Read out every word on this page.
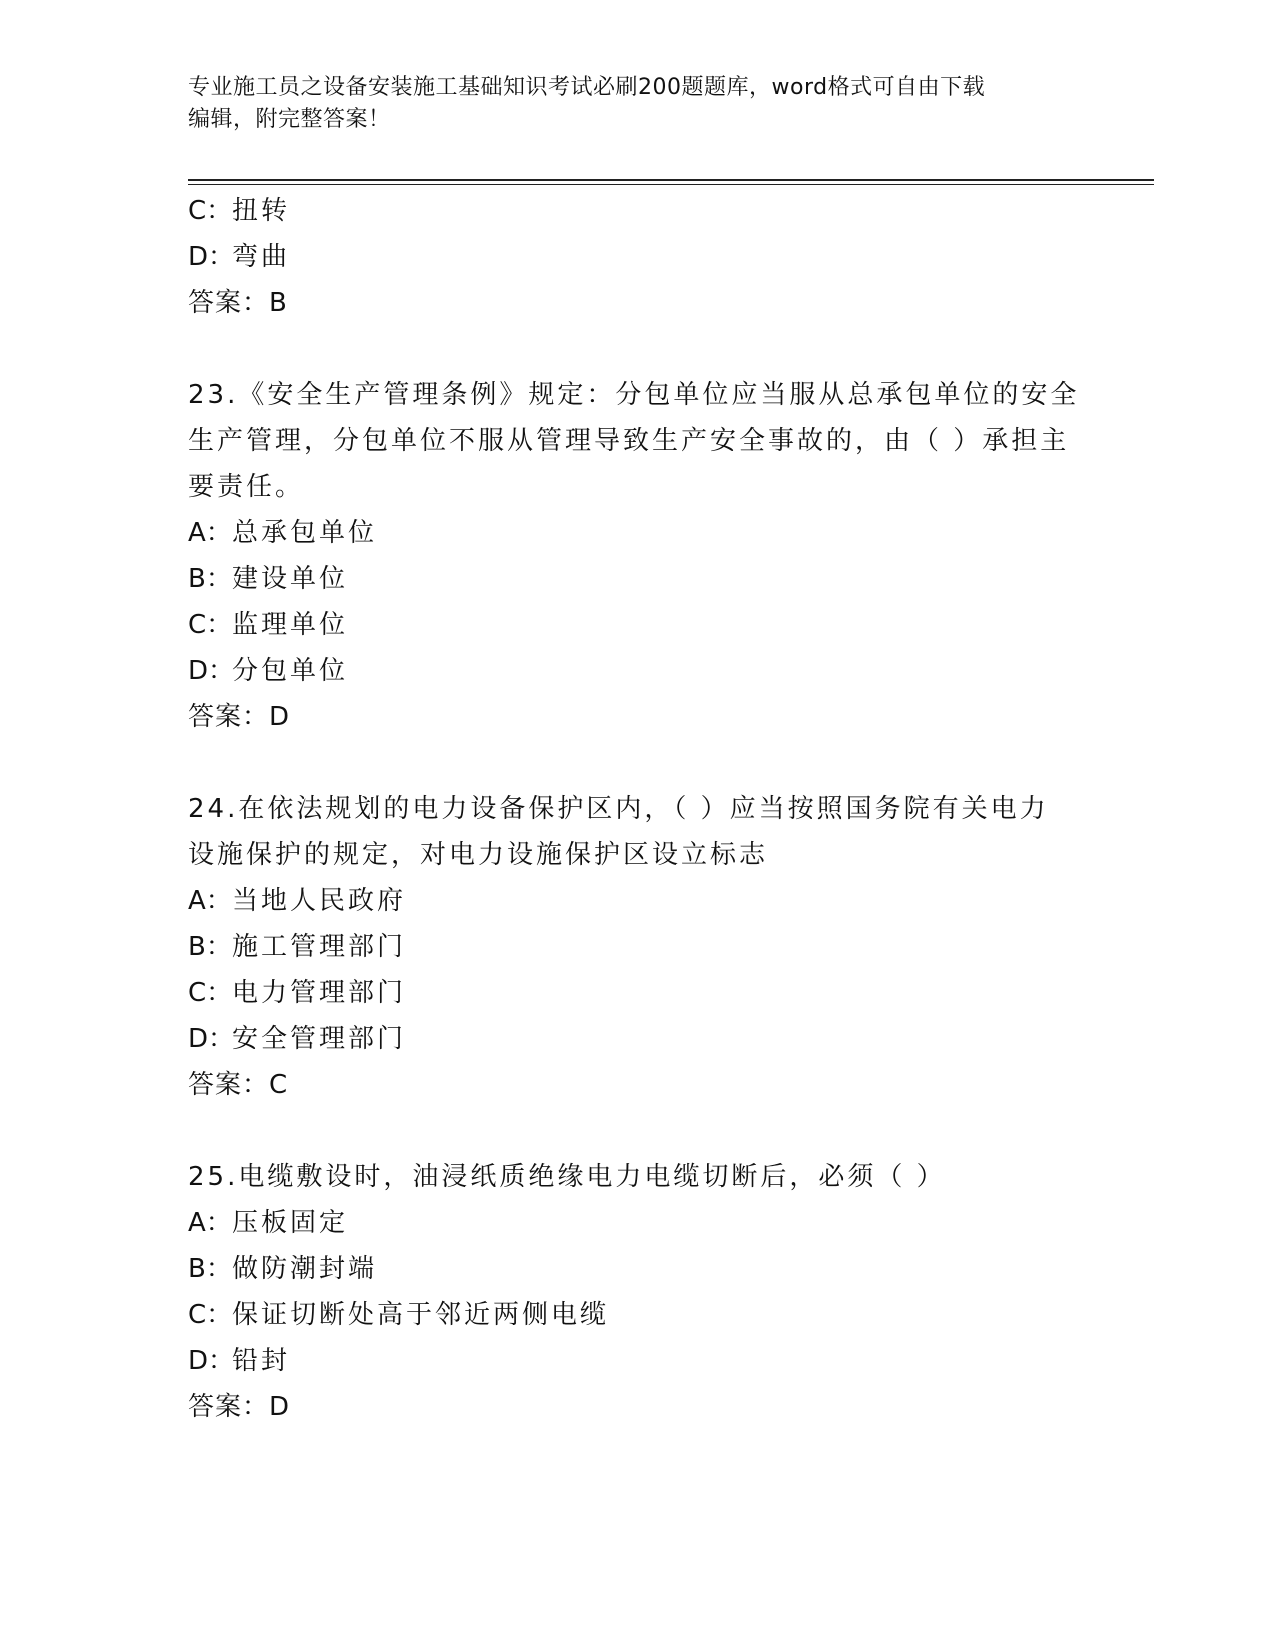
专业施工员之设备安装施工基础知识考试必刷200题题库，word格式可自由下载
编辑，附完整答案！
C：扭转
D：弯曲
答案：B
23.《安全生产管理条例》规定：分包单位应当服从总承包单位的安全
生产管理，分包单位不服从管理导致生产安全事故的，由（ ）承担主
要责任。
A：总承包单位
B：建设单位
C：监理单位
D：分包单位
答案：D
24.在依法规划的电力设备保护区内，（ ）应当按照国务院有关电力
设施保护的规定，对电力设施保护区设立标志
A：当地人民政府
B：施工管理部门
C：电力管理部门
D：安全管理部门
答案：C
25.电缆敷设时，油浸纸质绝缘电力电缆切断后，必须（ ）
A：压板固定
B：做防潮封端
C：保证切断处高于邻近两侧电缆
D：铅封
答案：D
